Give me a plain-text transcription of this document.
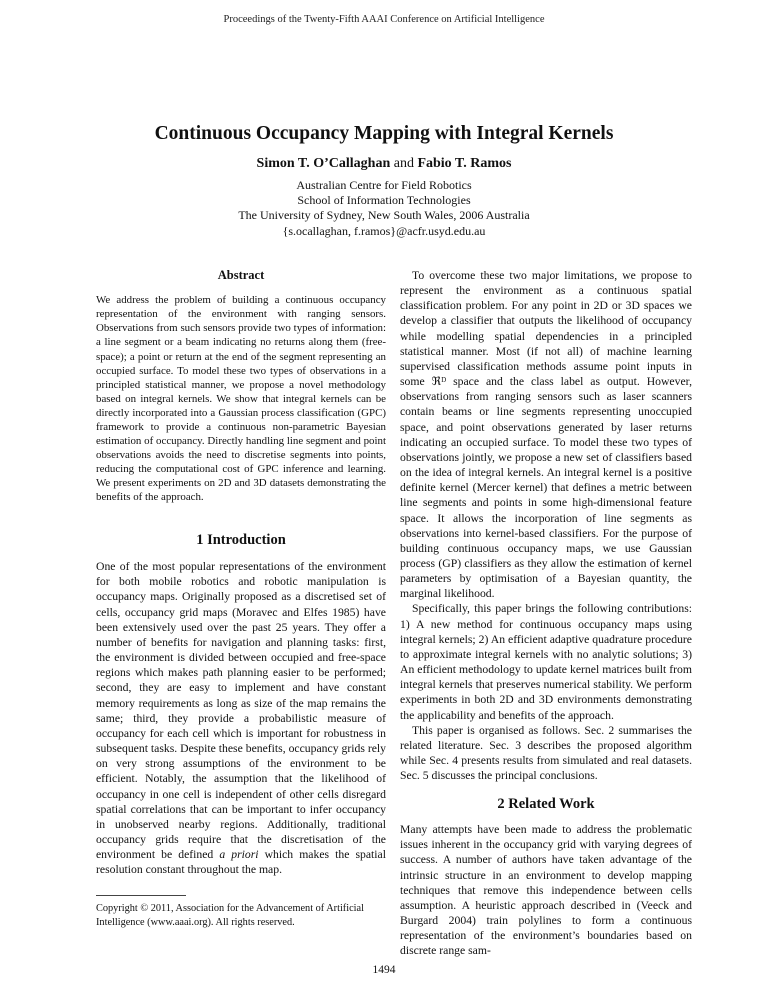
Proceedings of the Twenty-Fifth AAAI Conference on Artificial Intelligence
Continuous Occupancy Mapping with Integral Kernels
Simon T. O’Callaghan and Fabio T. Ramos
Australian Centre for Field Robotics
School of Information Technologies
The University of Sydney, New South Wales, 2006 Australia
{s.ocallaghan, f.ramos}@acfr.usyd.edu.au
Abstract

We address the problem of building a continuous occupancy representation of the environment with ranging sensors. Observations from such sensors provide two types of information: a line segment or a beam indicating no returns along them (free-space); a point or return at the end of the segment representing an occupied surface. To model these two types of observations in a principled statistical manner, we propose a novel methodology based on integral kernels. We show that integral kernels can be directly incorporated into a Gaussian process classification (GPC) framework to provide a continuous non-parametric Bayesian estimation of occupancy. Directly handling line segment and point observations avoids the need to discretise segments into points, reducing the computational cost of GPC inference and learning. We present experiments on 2D and 3D datasets demonstrating the benefits of the approach.

1 Introduction

One of the most popular representations of the environment for both mobile robotics and robotic manipulation is occupancy maps. Originally proposed as a discretised set of cells, occupancy grid maps (Moravec and Elfes 1985) have been extensively used over the past 25 years. They offer a number of benefits for navigation and planning tasks: first, the environment is divided between occupied and free-space regions which makes path planning easier to be performed; second, they are easy to implement and have constant memory requirements as long as size of the map remains the same; third, they provide a probabilistic measure of occupancy for each cell which is important for robustness in subsequent tasks. Despite these benefits, occupancy grids rely on very strong assumptions of the environment to be efficient. Notably, the assumption that the likelihood of occupancy in one cell is independent of other cells disregard spatial correlations that can be important to infer occupancy in unobserved nearby regions. Additionally, traditional occupancy grids require that the discretisation of the environment be defined a priori which makes the spatial resolution constant throughout the map.

Copyright © 2011, Association for the Advancement of Artificial Intelligence (www.aaai.org). All rights reserved.

To overcome these two major limitations, we propose to represent the environment as a continuous spatial classification problem. For any point in 2D or 3D spaces we develop a classifier that outputs the likelihood of occupancy while modelling spatial dependencies in a principled statistical manner. Most (if not all) of machine learning supervised classification methods assume point inputs in some ℜᴰ space and the class label as output. However, observations from ranging sensors such as laser scanners contain beams or line segments representing unoccupied space, and point observations generated by laser returns indicating an occupied surface. To model these two types of observations jointly, we propose a new set of classifiers based on the idea of integral kernels. An integral kernel is a positive definite kernel (Mercer kernel) that defines a metric between line segments and points in some high-dimensional feature space. It allows the incorporation of line segments as observations into kernel-based classifiers. For the purpose of building continuous occupancy maps, we use Gaussian process (GP) classifiers as they allow the estimation of kernel parameters by optimisation of a Bayesian quantity, the marginal likelihood.

Specifically, this paper brings the following contributions: 1) A new method for continuous occupancy maps using integral kernels; 2) An efficient adaptive quadrature procedure to approximate integral kernels with no analytic solutions; 3) An efficient methodology to update kernel matrices built from integral kernels that preserves numerical stability. We perform experiments in both 2D and 3D environments demonstrating the applicability and benefits of the approach.

This paper is organised as follows. Sec. 2 summarises the related literature. Sec. 3 describes the proposed algorithm while Sec. 4 presents results from simulated and real datasets. Sec. 5 discusses the principal conclusions.

2 Related Work

Many attempts have been made to address the problematic issues inherent in the occupancy grid with varying degrees of success. A number of authors have taken advantage of the intrinsic structure in an environment to develop mapping techniques that remove this independence between cells assumption. A heuristic approach described in (Veeck and Burgard 2004) train polylines to form a continuous representation of the environment’s boundaries based on discrete range sam-

1494
